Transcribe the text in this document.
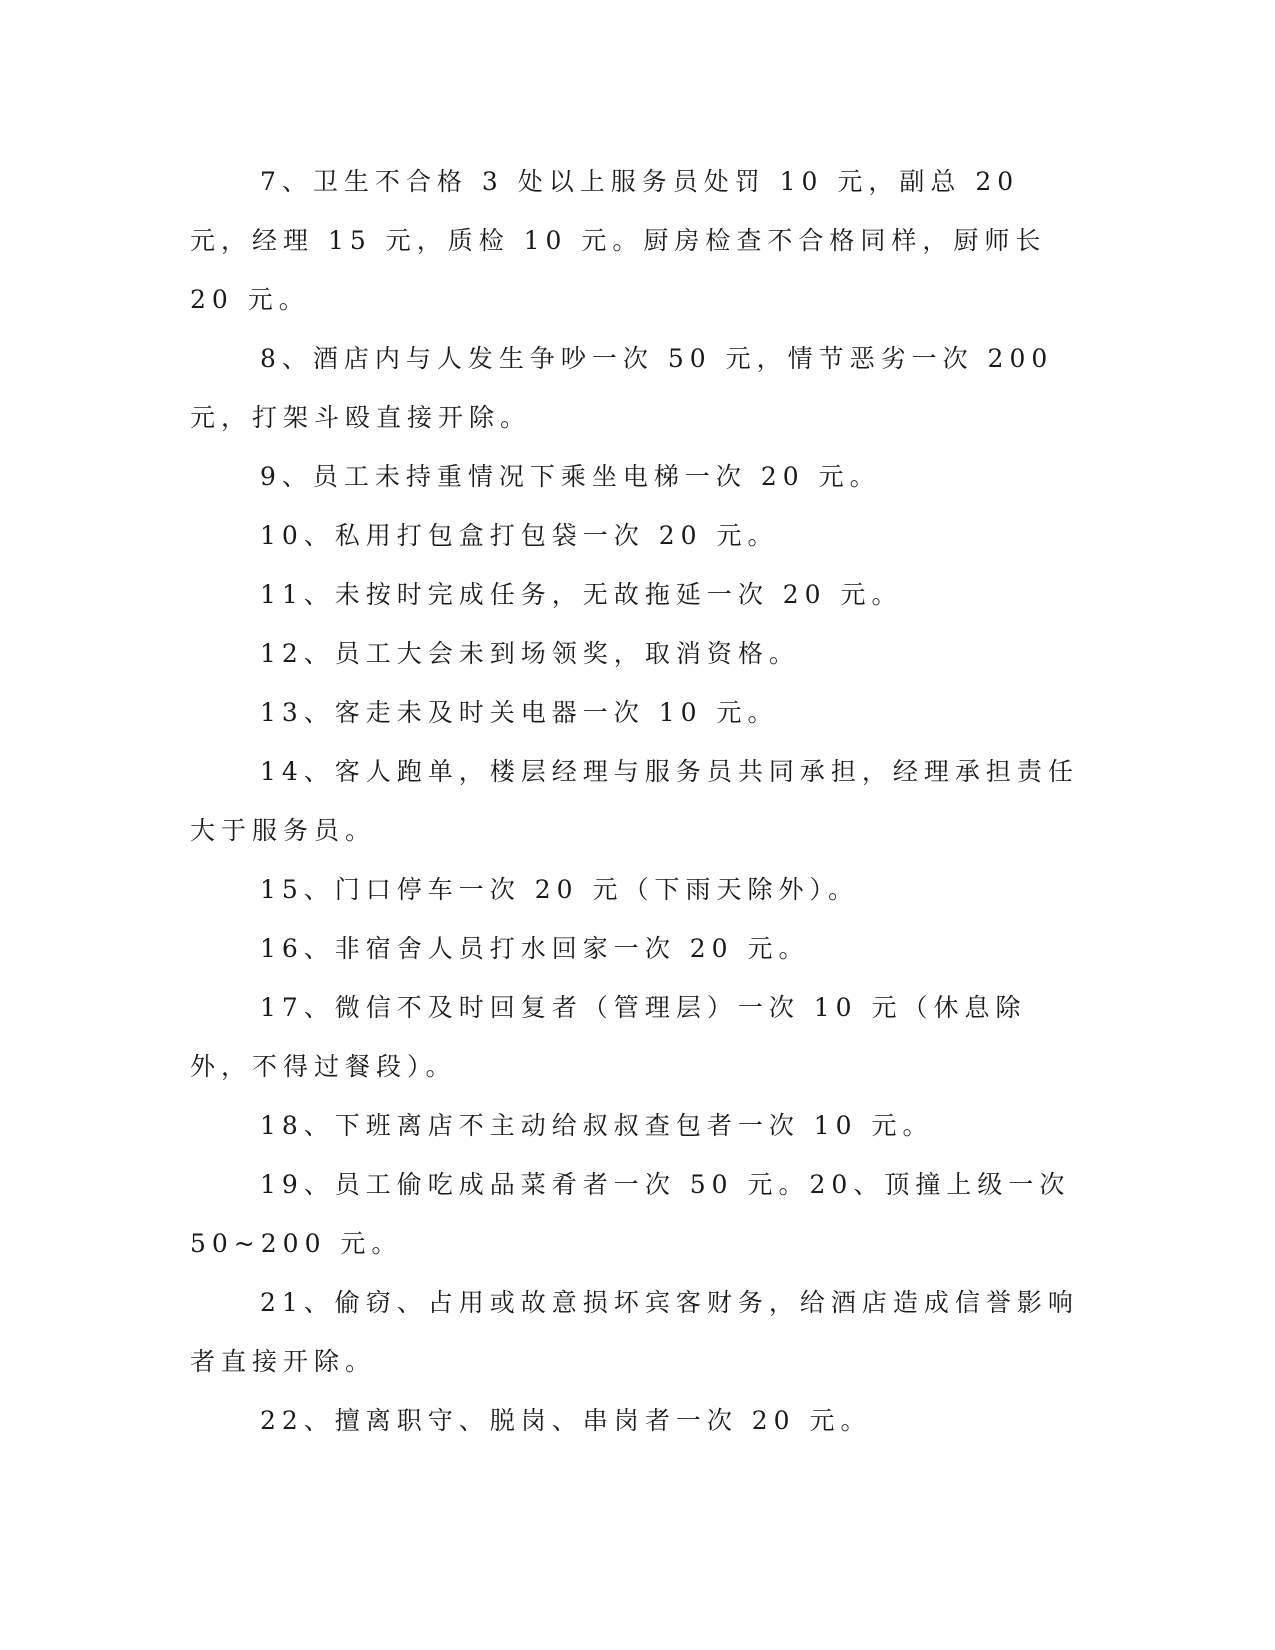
7、卫生不合格 3 处以上服务员处罚 10 元，副总 20 元，经理 15 元，质检 10 元。厨房检查不合格同样，厨师长 20 元。

8、酒店内与人发生争吵一次 50 元，情节恶劣一次 200 元，打架斗殴直接开除。

9、员工未持重情况下乘坐电梯一次 20 元。

10、私用打包盒打包袋一次 20 元。

11、未按时完成任务，无故拖延一次 20 元。

12、员工大会未到场领奖，取消资格。

13、客走未及时关电器一次 10 元。

14、客人跑单，楼层经理与服务员共同承担，经理承担责任大于服务员。

15、门口停车一次 20 元（下雨天除外）。

16、非宿舍人员打水回家一次 20 元。

17、微信不及时回复者（管理层）一次 10 元（休息除外，不得过餐段）。

18、下班离店不主动给叔叔查包者一次 10 元。

19、员工偷吃成品菜肴者一次 50 元。20、顶撞上级一次 50~200 元。

21、偷窃、占用或故意损坏宾客财务，给酒店造成信誉影响者直接开除。

22、擅离职守、脱岗、串岗者一次 20 元。
